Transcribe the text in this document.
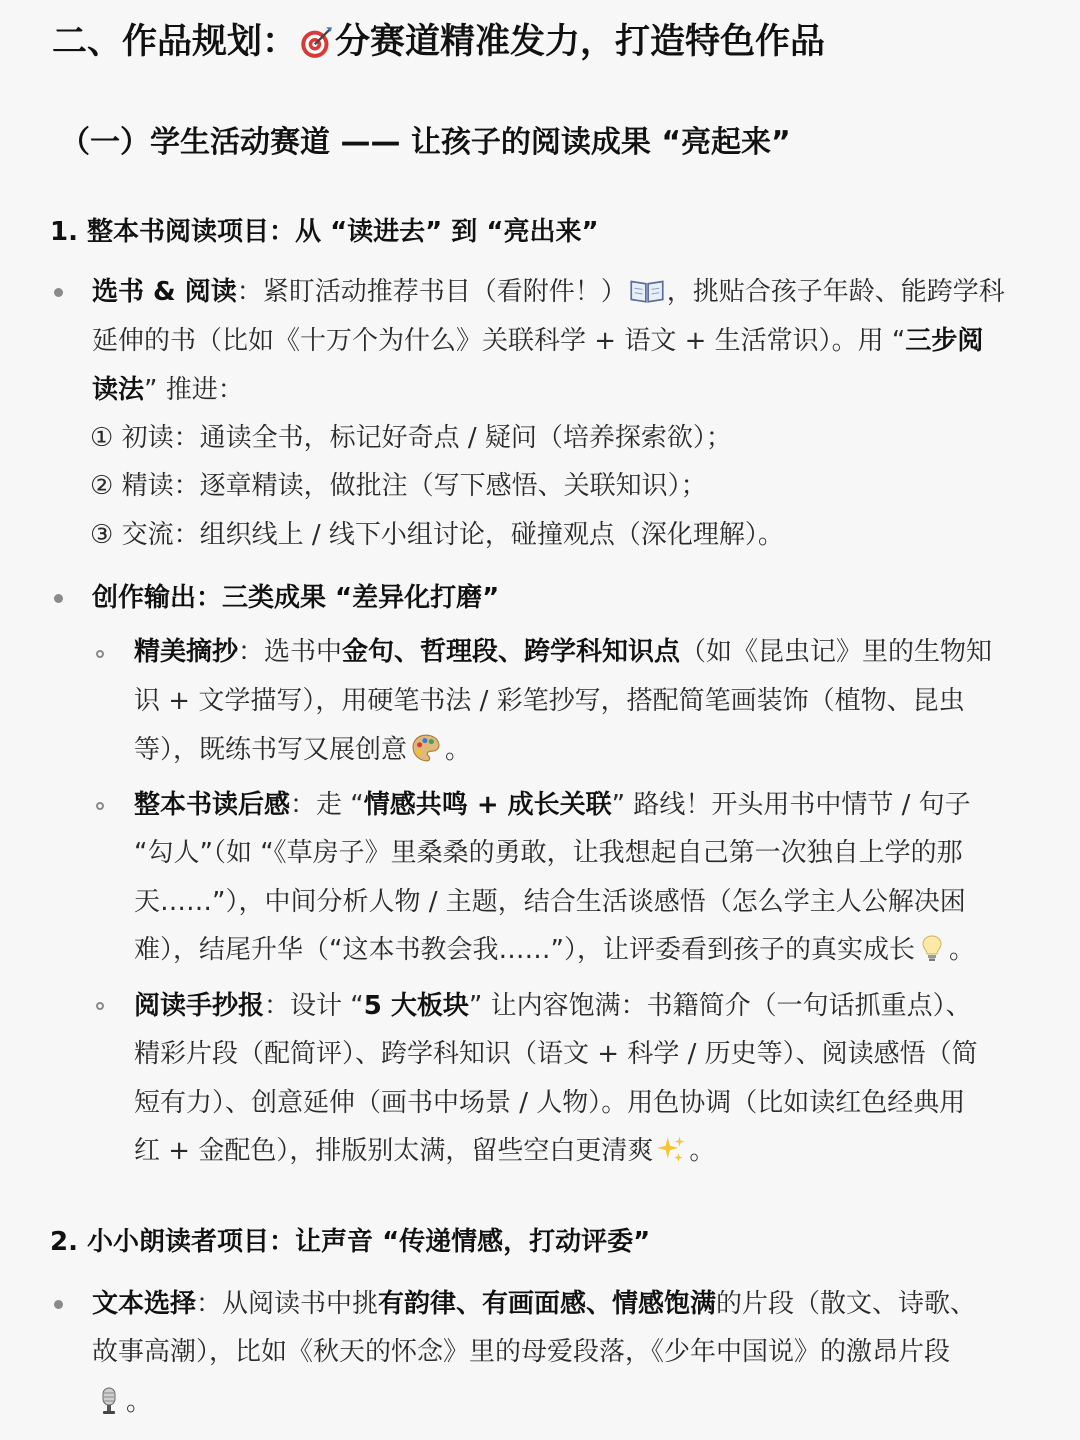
二、作品规划： 分赛道精准发力，打造特色作品
（一）学生活动赛道 —— 让孩子的阅读成果 “亮起来”
1. 整本书阅读项目：从 “读进去” 到 “亮出来”
选书 & 阅读：紧盯活动推荐书目（看附件！） ，挑贴合孩子年龄、能跨学科
延伸的书（比如《十万个为什么》关联科学 + 语文 + 生活常识）。用 “三步阅
读法” 推进：
① 初读：通读全书，标记好奇点 / 疑问（培养探索欲）；
② 精读：逐章精读，做批注（写下感悟、关联知识）；
③ 交流：组织线上 / 线下小组讨论，碰撞观点（深化理解）。
创作输出：三类成果 “差异化打磨”
精美摘抄：选书中金句、哲理段、跨学科知识点（如《昆虫记》里的生物知
识 + 文学描写），用硬笔书法 / 彩笔抄写，搭配简笔画装饰（植物、昆虫
等），既练书写又展创意 。
整本书读后感：走 “情感共鸣 + 成长关联” 路线！开头用书中情节 / 句子
“勾人”（如 “《草房子》里桑桑的勇敢，让我想起自己第一次独自上学的那
天……”），中间分析人物 / 主题，结合生活谈感悟（怎么学主人公解决困
难），结尾升华（“这本书教会我……”），让评委看到孩子的真实成长 。
阅读手抄报：设计 “5 大板块” 让内容饱满：书籍简介（一句话抓重点）、
精彩片段（配简评）、跨学科知识（语文 + 科学 / 历史等）、阅读感悟（简
短有力）、创意延伸（画书中场景 / 人物）。用色协调（比如读红色经典用
红 + 金配色），排版别太满，留些空白更清爽 。
2. 小小朗读者项目：让声音 “传递情感，打动评委”
文本选择：从阅读书中挑有韵律、有画面感、情感饱满的片段（散文、诗歌、
故事高潮），比如《秋天的怀念》里的母爱段落，《少年中国说》的激昂片段
。
